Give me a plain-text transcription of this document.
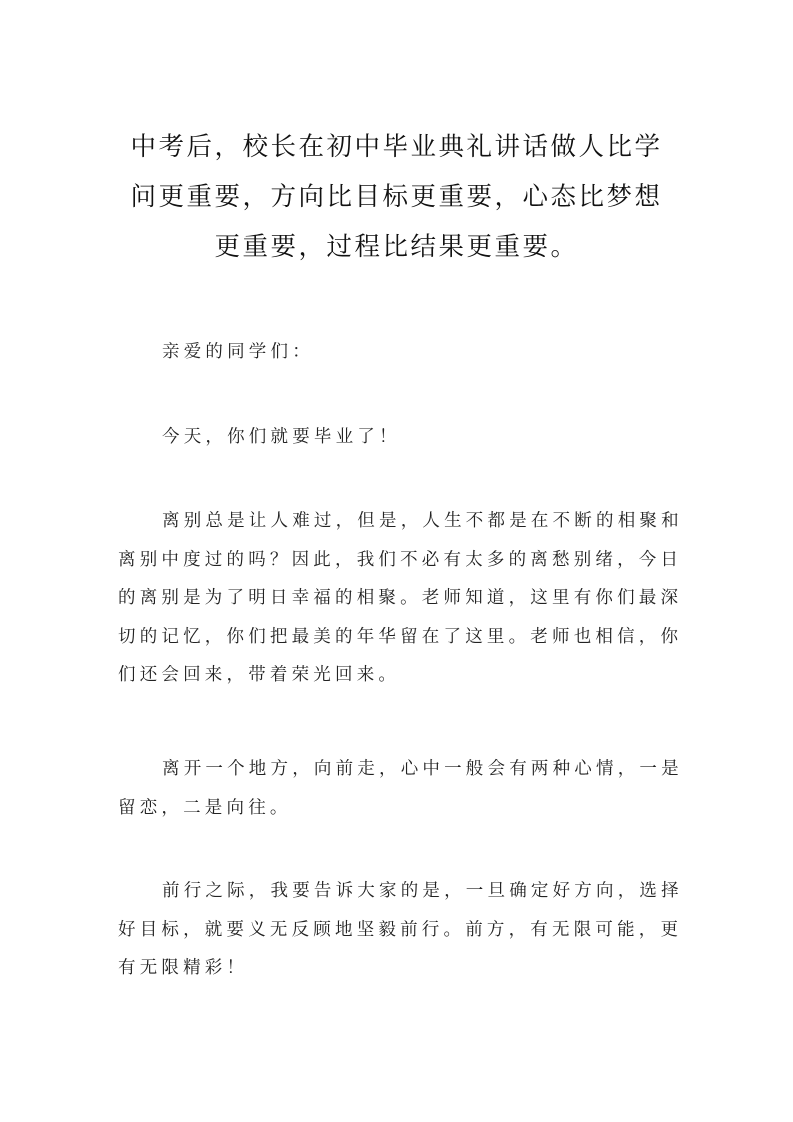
中考后，校长在初中毕业典礼讲话做人比学
问更重要，方向比目标更重要，心态比梦想
更重要，过程比结果更重要。

亲爱的同学们：

今天，你们就要毕业了！

离别总是让人难过，但是，人生不都是在不断的相聚和
离别中度过的吗？因此，我们不必有太多的离愁别绪，今日
的离别是为了明日幸福的相聚。老师知道，这里有你们最深
切的记忆，你们把最美的年华留在了这里。老师也相信，你
们还会回来，带着荣光回来。

离开一个地方，向前走，心中一般会有两种心情，一是
留恋，二是向往。

前行之际，我要告诉大家的是，一旦确定好方向，选择
好目标，就要义无反顾地坚毅前行。前方，有无限可能，更
有无限精彩！
